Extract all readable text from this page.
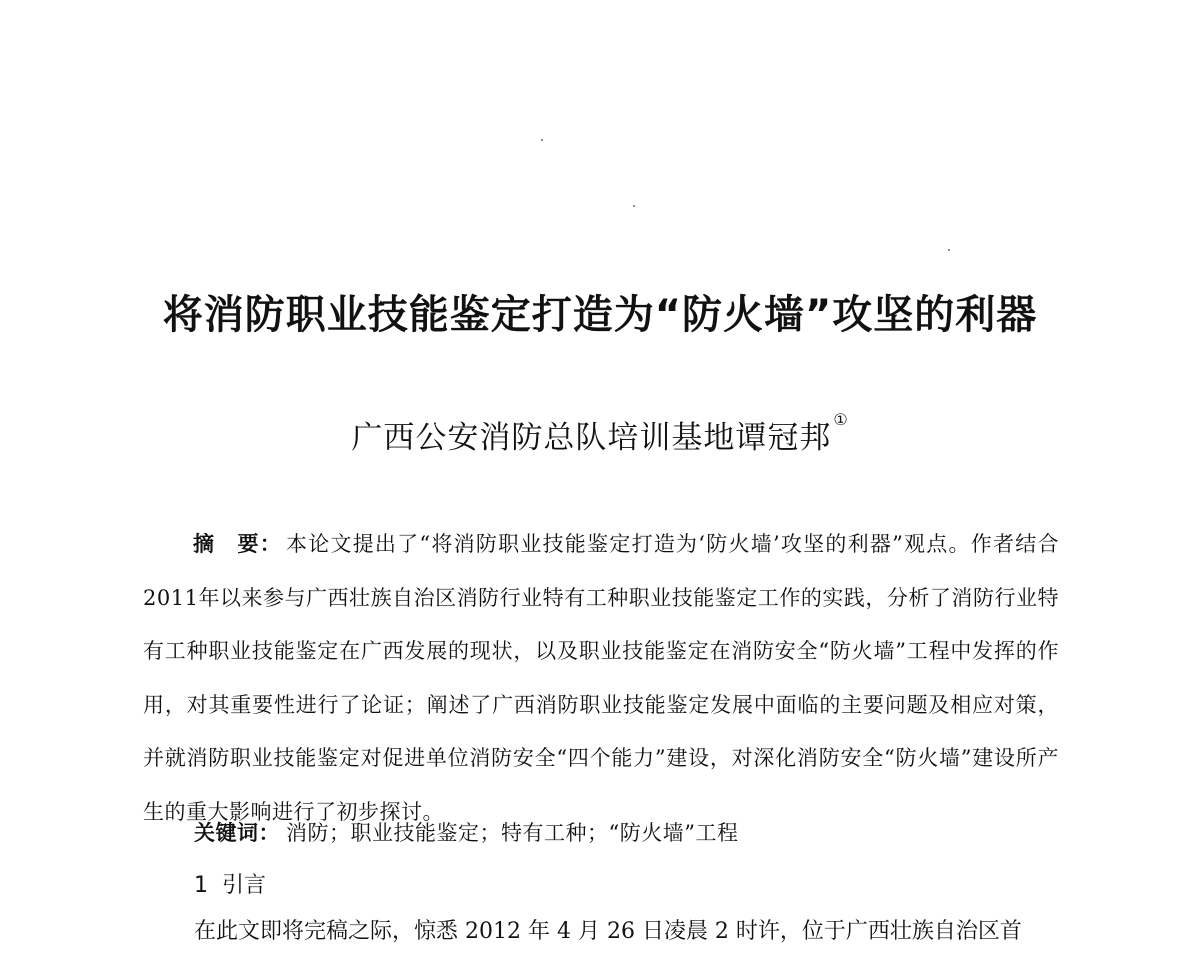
将消防职业技能鉴定打造为“防火墙”攻坚的利器

广西公安消防总队培训基地谭冠邦①

摘　要： 本论文提出了“将消防职业技能鉴定打造为‘防火墙’攻坚的利器”观点。作者结合2011年以来参与广西壮族自治区消防行业特有工种职业技能鉴定工作的实践，分析了消防行业特有工种职业技能鉴定在广西发展的现状，以及职业技能鉴定在消防安全“防火墙”工程中发挥的作用，对其重要性进行了论证；阐述了广西消防职业技能鉴定发展中面临的主要问题及相应对策，并就消防职业技能鉴定对促进单位消防安全“四个能力”建设，对深化消防安全“防火墙”建设所产生的重大影响进行了初步探讨。

关键词： 消防；职业技能鉴定；特有工种；“防火墙”工程

1 引言

在此文即将完稿之际，惊悉 2012 年 4 月 26 日凌晨 2 时许，位于广西壮族自治区首
